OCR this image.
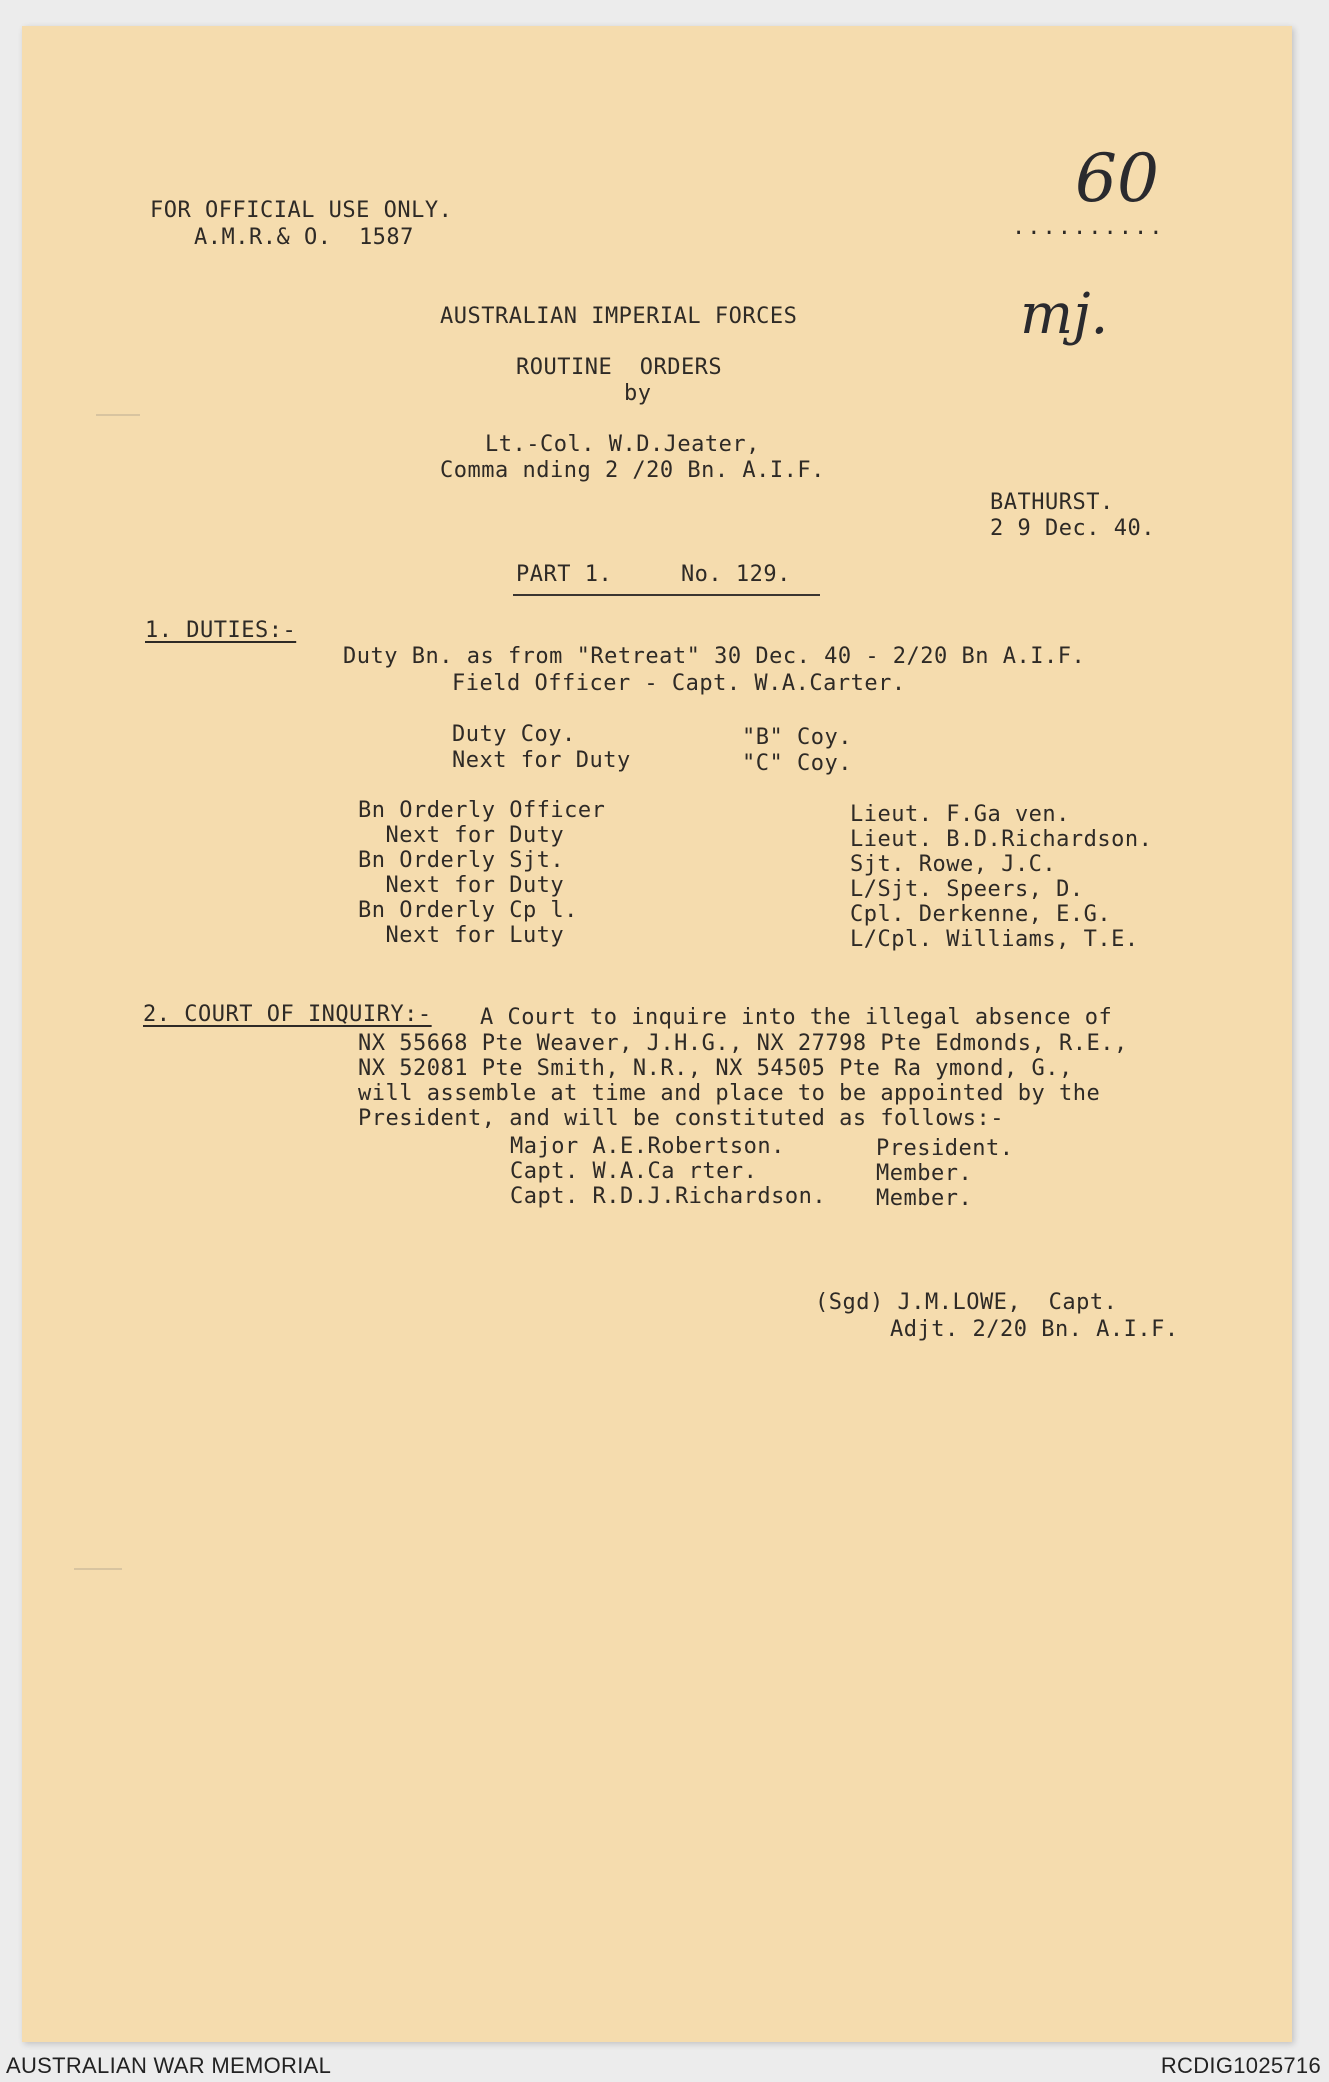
FOR OFFICIAL USE ONLY.
A.M.R.& O.  1587	..........
60
mj.
AUSTRALIAN IMPERIAL FORCES
ROUTINE  ORDERS
by
Lt.-Col. W.D.Jeater,
Comma nding 2 /20 Bn. A.I.F.
BATHURST.
2 9 Dec. 40.
PART 1.     No. 129.
1. DUTIES:-
Duty Bn. as from "Retreat" 30 Dec. 40 - 2/20 Bn A.I.F.
Field Officer - Capt. W.A.Carter.
Duty Coy.	"B" Coy.
Next for Duty	"C" Coy.
Bn Orderly Officer	Lieut. F.Ga ven.
Next for Duty	Lieut. B.D.Richardson.
Bn Orderly Sjt.	Sjt. Rowe, J.C.
Next for Duty	L/Sjt. Speers, D.
Bn Orderly Cp l.	Cpl. Derkenne, E.G.
Next for Luty	L/Cpl. Williams, T.E.
2. COURT OF INQUIRY:- A Court to inquire into the illegal absence of
NX 55668 Pte Weaver, J.H.G., NX 27798 Pte Edmonds, R.E.,
NX 52081 Pte Smith, N.R., NX 54505 Pte Ra ymond, G.,
will assemble at time and place to be appointed by the
President, and will be constituted as follows:-
Major A.E.Robertson.	President.
Capt. W.A.Ca rter.	Member.
Capt. R.D.J.Richardson. Member.
(Sgd) J.M.LOWE,  Capt.
Adjt. 2/20 Bn. A.I.F.
AUSTRALIAN WAR MEMORIAL	RCDIG1025716
